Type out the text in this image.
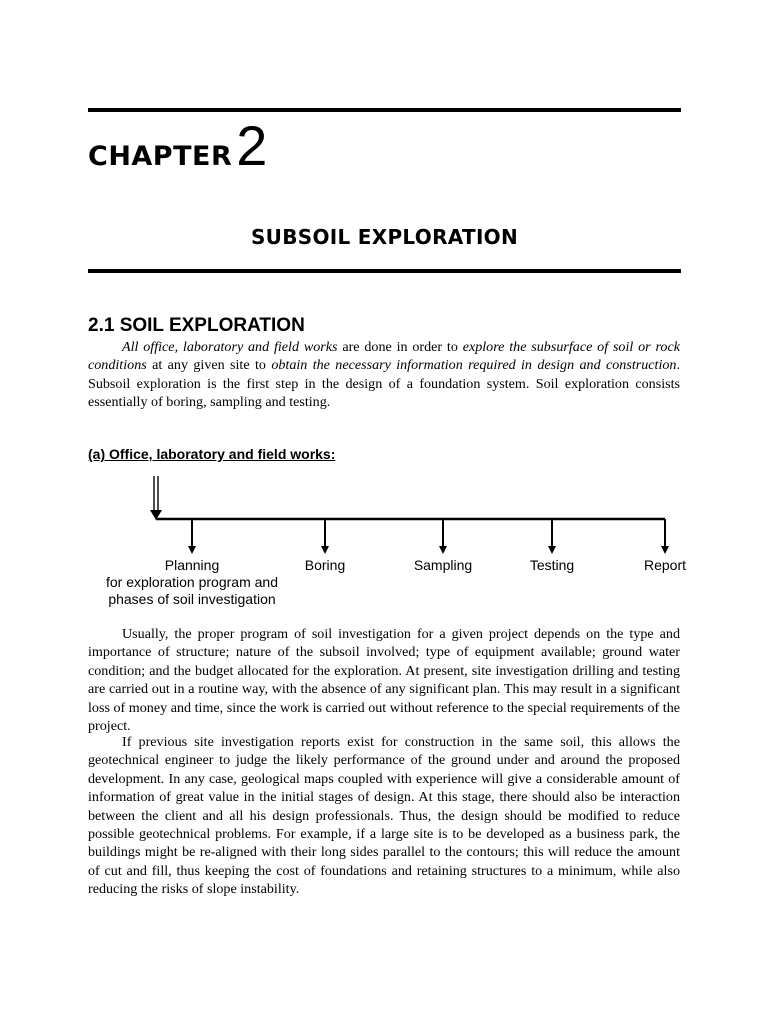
CHAPTER2
SUBSOIL EXPLORATION
2.1 SOIL EXPLORATION

All office, laboratory and field works are done in order to explore the subsurface of soil or rock conditions at any given site to obtain the necessary information required in design and construction. Subsoil exploration is the first step in the design of a foundation system. Soil exploration consists essentially of boring, sampling and testing.

(a) Office, laboratory and field works:
Planning
for exploration program and
phases of soil investigation
Boring	Sampling	Testing	Report

Usually, the proper program of soil investigation for a given project depends on the type and importance of structure; nature of the subsoil involved; type of equipment available; ground water condition; and the budget allocated for the exploration. At present, site investigation drilling and testing are carried out in a routine way, with the absence of any significant plan. This may result in a significant loss of money and time, since the work is carried out without reference to the special requirements of the project.

If previous site investigation reports exist for construction in the same soil, this allows the geotechnical engineer to judge the likely performance of the ground under and around the proposed development. In any case, geological maps coupled with experience will give a considerable amount of information of great value in the initial stages of design. At this stage, there should also be interaction between the client and all his design professionals. Thus, the design should be modified to reduce possible geotechnical problems. For example, if a large site is to be developed as a business park, the buildings might be re-aligned with their long sides parallel to the contours; this will reduce the amount of cut and fill, thus keeping the cost of foundations and retaining structures to a minimum, while also reducing the risks of slope instability.
